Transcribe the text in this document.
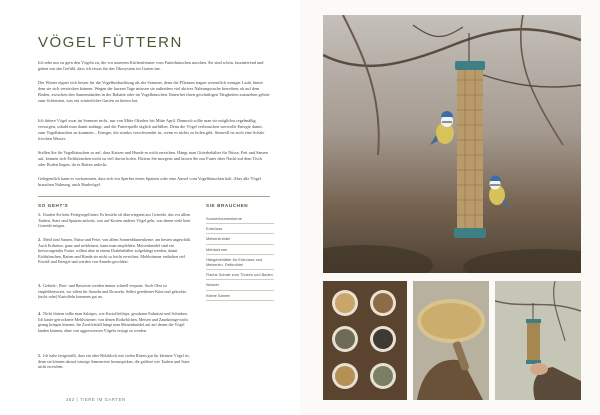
VÖGEL FÜTTERN

Ich sehe nur zu gern den Vögeln zu, die vor unserem Küchenfenster vom Futterhäuschen naschen. Sie sind schön, faszinierend und geben mir das Gefühl, dass ich etwas für das Ökosystem im Garten tue.

Der Winter eignet sich besser für die Vogelbeobachtung als der Sommer, denn die Pflanzen tragen wesentlich weniger Laub, hinter dem sie sich verstecken können. Wegen der kurzen Tage müssen sie außerdem viel aktiver Nahrungssuche betreiben, ob auf dem Boden, zwischen den Samenständen in der Rabatte oder im Vogelhäuschen. Ihnen bei ihren geschäftigen Tätigkeiten zuzusehen gehört zum Schönsten, was ein winterlicher Garten zu bieten hat.

Ich füttere Vögel zwar im Sommer nicht, nur von Mitte Oktober bis Mitte April. Dennoch sollte man sie möglichst regelmäßig versorgen, sobald man damit anfängt, und die Futterquelle täglich auffüllen. Denn die Vögel verbrauchen wertvolle Energie damit, zum Vogelhäuschen zu kommen – Energie, die sinnlos verschwendet ist, wenn es nichts zu holen gibt. Sinnvoll ist auch eine Schale frischen Wasser.

Stellen Sie ihr Vogelhäuschen so auf, dass Katzen und Hunde es nicht erreichen. Hängt man Gitterbehälter für Nüsse, Fett und Samen auf, können sich Eichhörnchen nicht zu viel davon holen. Füttern Sie morgens und lassen Sie nur Futter über Nacht auf dem Tisch oder Boden liegen, da es Ratten anlockt.

Gelegentlich kann es vorkommen, dass sich ein Sperber einen Spatzen oder eine Amsel vom Vogelhäuschen holt. Aber alle Vögel brauchen Nahrung, auch Raubvögel.

SO GEHT'S	SIE BRAUCHEN

1. Kaufen Sie kein Fertigvogelfutter. Es besteht oft überwiegend aus Getreide, das vor allem Tauben, Stare und Spatzen anlockt, was auf Kosten anderer Vögel geht, von denen viele kein Getreide mögen.

2. Meid sind Samen, Nüsse und Fette, von allem Sonnenblumenkerne, am besten ungeschält. Auch Erdnüsse, ganz und zerkleinert, kann man empfehlen. Meisenknödel sind ein hervorragendes Futter, sollten aber in einem Drahtbehälter aufgehängt werden, damit Eichhörnchen, Ratten und Hunde sie nicht so leicht erreichen. Mehlwürmer enthalten viel Eiweiß und Energie und werden von Amseln geschätzt.

3. Gebäck-, Brot- und Reisreste werden immer schnell verputzt. Auch Obst ist empfehlenswert, vor allem für Amseln und Drosseln. Selbst gereibener Käse und gekochte (nicht rohe) Kartoffeln kommen gut an.

4. Nicht füttern sollte man Salziges, wie Kartoffelchips, gesalzene Erdnüsse und Schinken. Ich kaufe getrocknete Mehlwürmer; von denen Rotkehlchen, Meisen und Zaunkönige nicht genug kriegen können. Im Zweifelsfall hängt man Meisenknödel auf auf denen die Vögel landen können, ohne von aggressiveren Vögeln verjagt zu werden.

5. Ich habe festgestellt, dass ein alter Holzblock mit vielen Ritzen gut für kleinere Vögel ist, denn sie können darauf winzige Samenreste herauspicken, die größere wie Tauben und Stare nicht erreichen.

Sonnenblumenkerne
Erdnüsse
Meisenknödel
Mehlwürmer
Hängebehälter für Erdnüsse und Meisenkn. Fettknödel
Flache Schale zum Trinken und Baden
Wasser
Kleine Samen
282 | TIERE IM GARTEN
